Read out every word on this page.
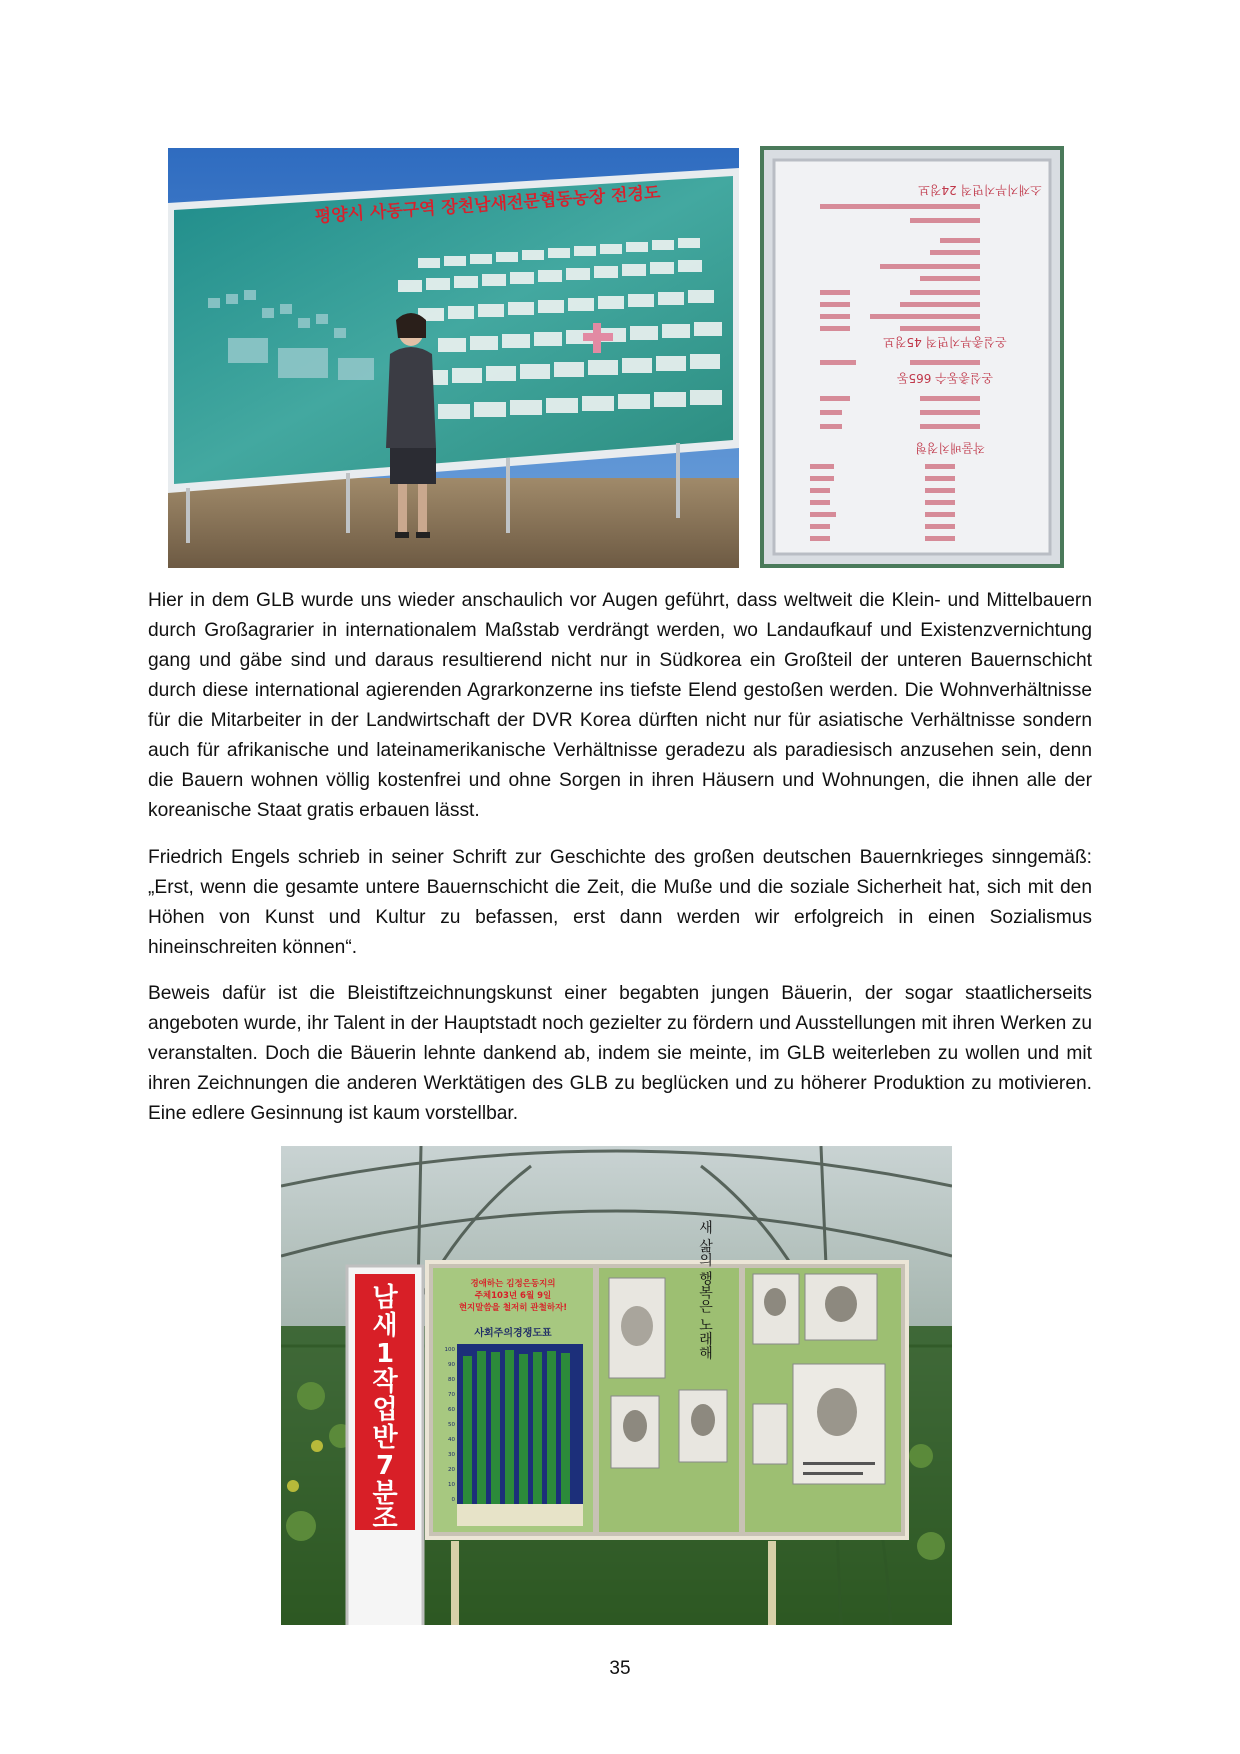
평양시 사동구역 장천남새전문협동농장 전경도	소재지부지면적 24정보
온실총부지면적 45정보
온실총동수 665동
작물배치정형

Hier in dem GLB wurde uns wieder anschaulich vor Augen geführt, dass weltweit die Klein- und Mittelbauern durch Großagrarier in internationalem Maßstab verdrängt werden, wo Landaufkauf und Existenzvernichtung gang und gäbe sind und daraus resultierend nicht nur in Südkorea ein Großteil der unteren Bauernschicht durch diese international agierenden Agrarkonzerne ins tiefste Elend gestoßen werden. Die Wohnverhältnisse für die Mitarbeiter in der Landwirtschaft der DVR Korea dürften nicht nur für asiatische Verhältnisse sondern auch für afrikanische und lateinamerikanische Verhältnisse geradezu als paradiesisch anzusehen sein, denn die Bauern wohnen völlig kostenfrei und ohne Sorgen in ihren Häusern und Wohnungen, die ihnen alle der koreanische Staat gratis erbauen lässt.

Friedrich Engels schrieb in seiner Schrift zur Geschichte des großen deutschen Bauernkrieges sinngemäß: „Erst, wenn die gesamte untere Bauernschicht die Zeit, die Muße und die soziale Sicherheit hat, sich mit den Höhen von Kunst und Kultur zu befassen, erst dann werden wir erfolgreich in einen Sozialismus hineinschreiten können“.

Beweis dafür ist die Bleistiftzeichnungskunst einer begabten jungen Bäuerin, der sogar staatlicherseits angeboten wurde, ihr Talent in der Hauptstadt noch gezielter zu fördern und Ausstellungen mit ihren Werken zu veranstalten. Doch die Bäuerin lehnte dankend ab, indem sie meinte, im GLB weiterleben zu wollen und mit ihren Zeichnungen die anderen Werktätigen des GLB zu beglücken und zu höherer Produktion zu motivieren. Eine edlere Gesinnung ist kaum vorstellbar.

남
새
1
작
업
반
7
분
조
경애하는 김정은동지의
주체103년 6월 9일
현지말씀을 철저히 관철하자!
사회주의경쟁도표
100
90
80
70
60
50
40
30
20
10
0
새 삶의 행복은 노래해
35
